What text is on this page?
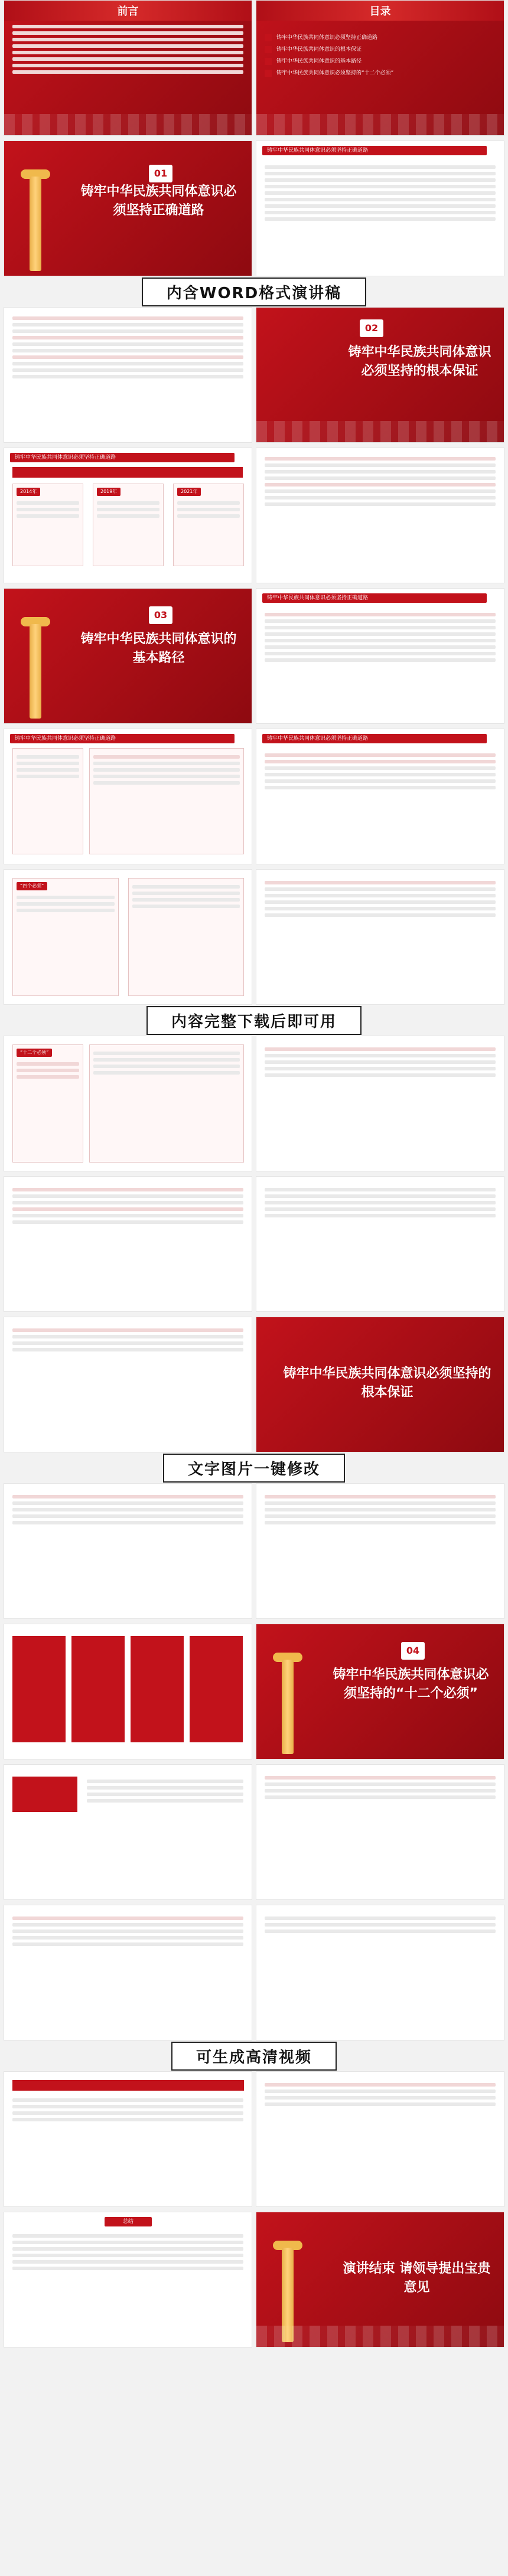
前言	目录
铸牢中华民族共同体意识必须坚持正确道路
铸牢中华民族共同体意识的根本保证
铸牢中华民族共同体意识的基本路径
铸牢中华民族共同体意识必须坚持的“十二个必须”
01
铸牢中华民族共同体意识必须坚持正确道路
铸牢中华民族共同体意识必须坚持正确道路
内含WORD格式演讲稿
02
铸牢中华民族共同体意识必须坚持的根本保证
铸牢中华民族共同体意识必须坚持正确道路
2014年	2019年	2021年
03
铸牢中华民族共同体意识的基本路径
铸牢中华民族共同体意识必须坚持正确道路
铸牢中华民族共同体意识必须坚持正确道路	铸牢中华民族共同体意识必须坚持正确道路
“四个必须”
内容完整下载后即可用
“十二个必须”
铸牢中华民族共同体意识必须坚持的根本保证
文字图片一键修改
04
铸牢中华民族共同体意识必须坚持的“十二个必须”
可生成高清视频
总结
演讲结束 请领导提出宝贵意见
